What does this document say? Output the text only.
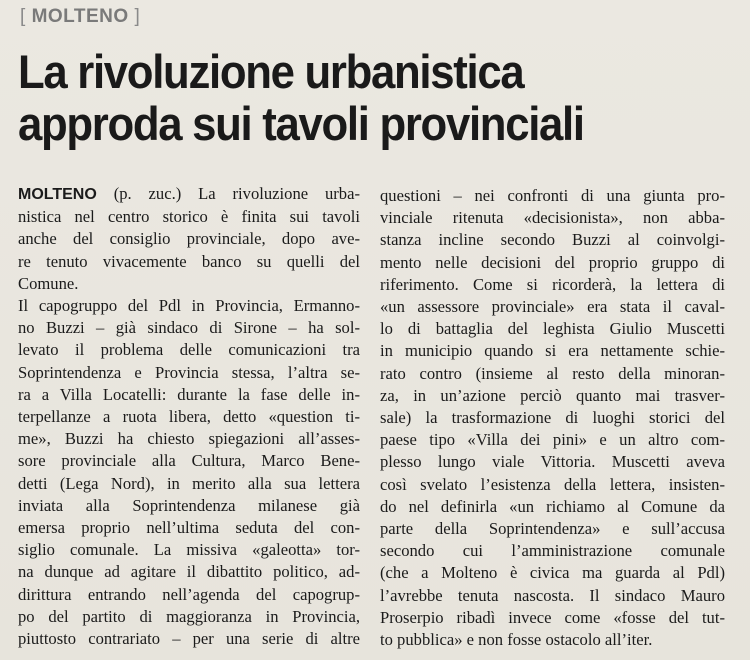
[ MOLTENO ]
La rivoluzione urbanistica
approda sui tavoli provinciali
MOLTENO (p. zuc.) La rivoluzione urba-
nistica nel centro storico è finita sui tavoli
anche del consiglio provinciale, dopo ave-
re tenuto vivacemente banco su quelli del
Comune.
Il capogruppo del Pdl in Provincia, Ermanno-
no Buzzi – già sindaco di Sirone – ha sol-
levato il problema delle comunicazioni tra
Soprintendenza e Provincia stessa, l’altra se-
ra a Villa Locatelli: durante la fase delle in-
terpellanze a ruota libera, detto «question ti-
me», Buzzi ha chiesto spiegazioni all’asses-
sore provinciale alla Cultura, Marco Bene-
detti (Lega Nord), in merito alla sua lettera
inviata alla Soprintendenza milanese già
emersa proprio nell’ultima seduta del con-
siglio comunale. La missiva «galeotta» tor-
na dunque ad agitare il dibattito politico, ad-
dirittura entrando nell’agenda del capogrup-
po del partito di maggioranza in Provincia,
piuttosto contrariato – per una serie di altre
questioni – nei confronti di una giunta pro-
vinciale ritenuta «decisionista», non abba-
stanza incline secondo Buzzi al coinvolgi-
mento nelle decisioni del proprio gruppo di
riferimento. Come si ricorderà, la lettera di
«un assessore provinciale» era stata il caval-
lo di battaglia del leghista Giulio Muscetti
in municipio quando si era nettamente schie-
rato contro (insieme al resto della minoran-
za, in un’azione perciò quanto mai trasver-
sale) la trasformazione di luoghi storici del
paese tipo «Villa dei pini» e un altro com-
plesso lungo viale Vittoria. Muscetti aveva
così svelato l’esistenza della lettera, insisten-
do nel definirla «un richiamo al Comune da
parte della Soprintendenza» e sull’accusa
secondo cui l’amministrazione comunale
(che a Molteno è civica ma guarda al Pdl)
l’avrebbe tenuta nascosta. Il sindaco Mauro
Proserpio ribadì invece come «fosse del tut-
to pubblica» e non fosse ostacolo all’iter.
